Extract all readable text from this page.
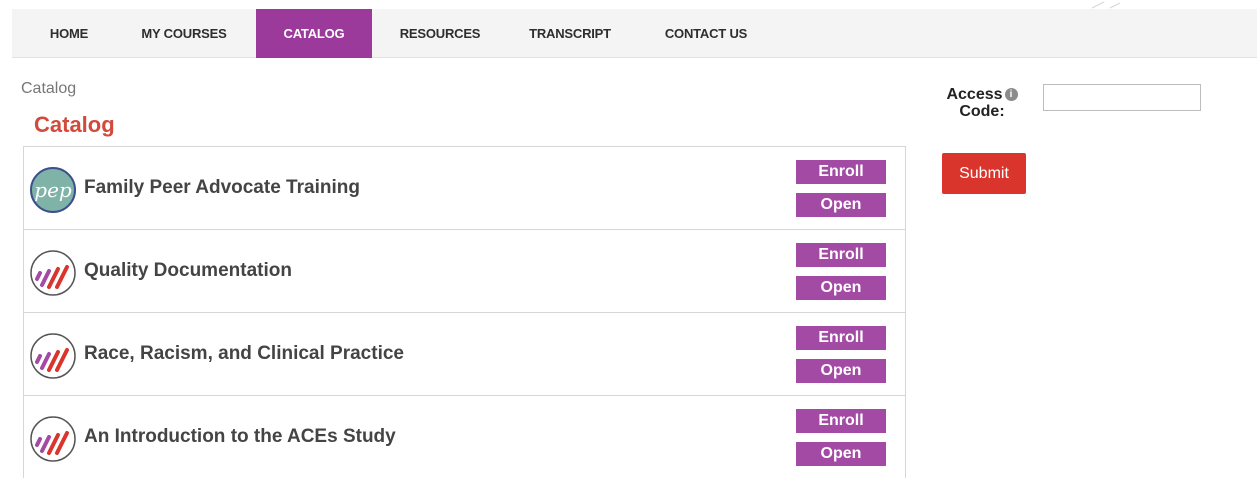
HOME	MY COURSES	CATALOG	RESOURCES	TRANSCRIPT	CONTACT US
Catalog
Catalog
pep Family Peer Advocate Training
Enroll
Open
Quality Documentation
Enroll
Open
Race, Racism, and Clinical Practice
Enroll
Open
An Introduction to the ACEs Study
Enroll
Open
Access i
Code:
Submit
